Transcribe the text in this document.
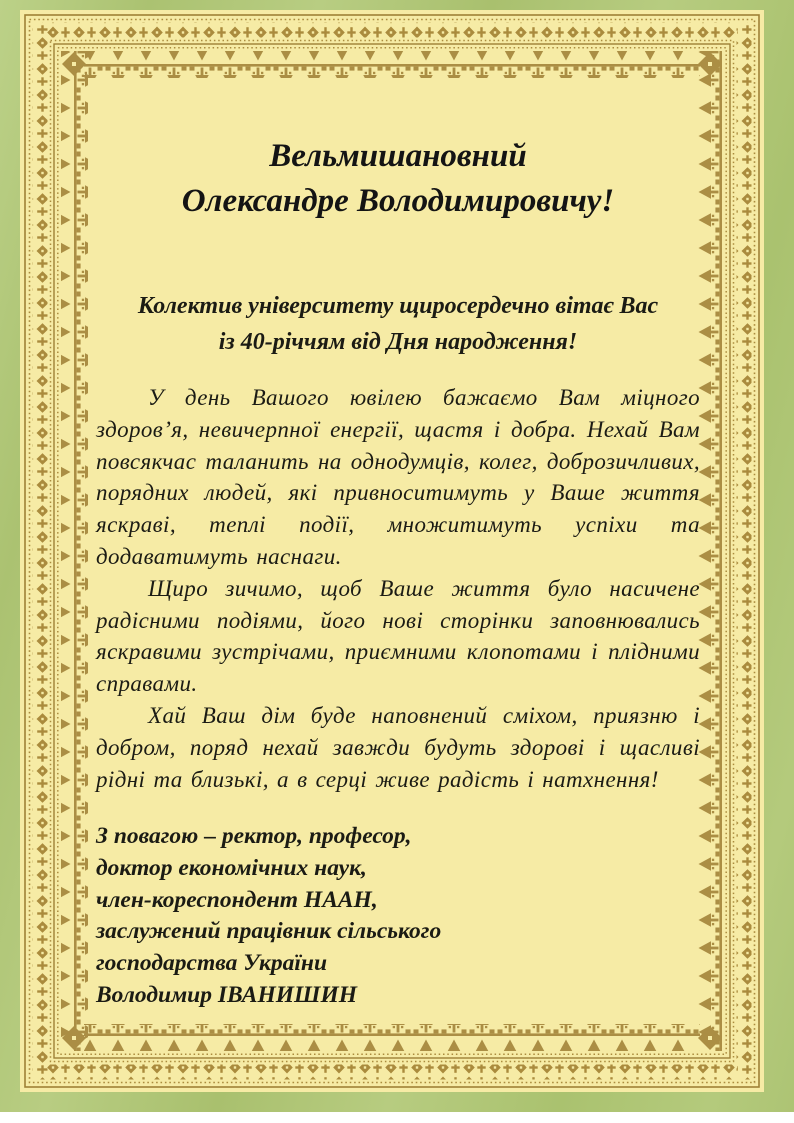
Вельмишановний
Олександре Володимировичу!
Колектив університету щиросердечно вітає Вас
із 40-річчям від Дня народження!

У день Вашого ювілею бажаємо Вам міцного здоров’я, невичерпної енергії, щастя і добра. Нехай Вам повсякчас таланить на однодумців, колег, доброзичливих, порядних людей, які привноситимуть у Ваше життя яскраві, теплі події, множитимуть успіхи та додаватимуть наснаги.

Щиро зичимо, щоб Ваше життя було насичене радісними подіями, його нові сторінки заповнювались яскравими зустрічами, приємними клопотами і плідними справами.

Хай Ваш дім буде наповнений сміхом, приязню і добром, поряд нехай завжди будуть здорові і щасливі рідні та близькі, а в серці живе радість і натхнення!

З повагою – ректор, професор,
доктор економічних наук,
член-кореспондент НААН,
заслужений працівник сільського
господарства України
Володимир ІВАНИШИН
